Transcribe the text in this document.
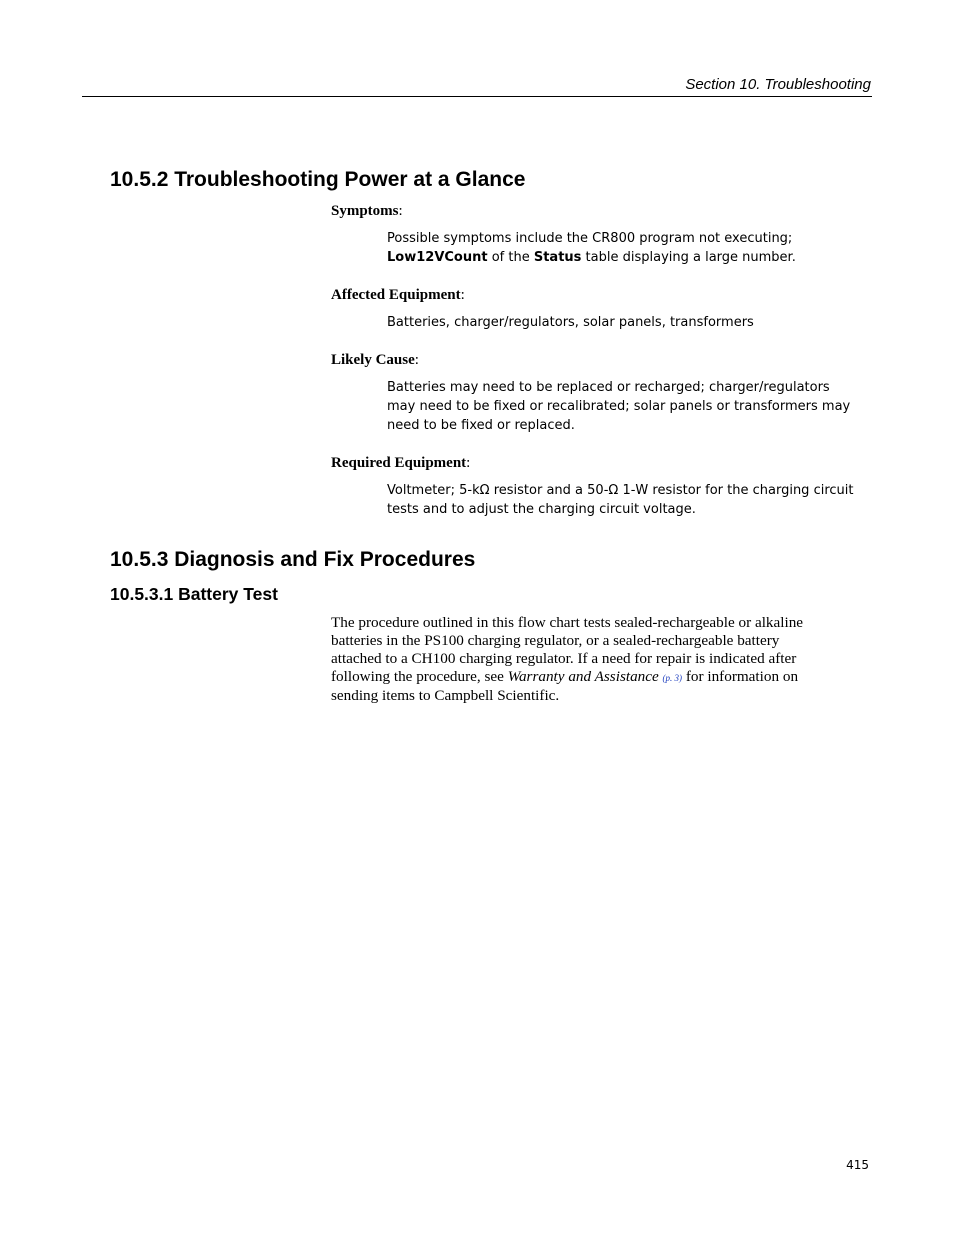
Section 10. Troubleshooting
10.5.2 Troubleshooting Power at a Glance
Symptoms:
Possible symptoms include the CR800 program not executing;
Low12VCount of the Status table displaying a large number.
Affected Equipment:
Batteries, charger/regulators, solar panels, transformers
Likely Cause:
Batteries may need to be replaced or recharged; charger/regulators
may need to be fixed or recalibrated; solar panels or transformers may
need to be fixed or replaced.
Required Equipment:
Voltmeter; 5-kΩ resistor and a 50-Ω 1-W resistor for the charging circuit
tests and to adjust the charging circuit voltage.
10.5.3 Diagnosis and Fix Procedures
10.5.3.1 Battery Test
The procedure outlined in this flow chart tests sealed-rechargeable or alkaline
batteries in the PS100 charging regulator, or a sealed-rechargeable battery
attached to a CH100 charging regulator. If a need for repair is indicated after
following the procedure, see Warranty and Assistance (p. 3) for information on
sending items to Campbell Scientific.
415
